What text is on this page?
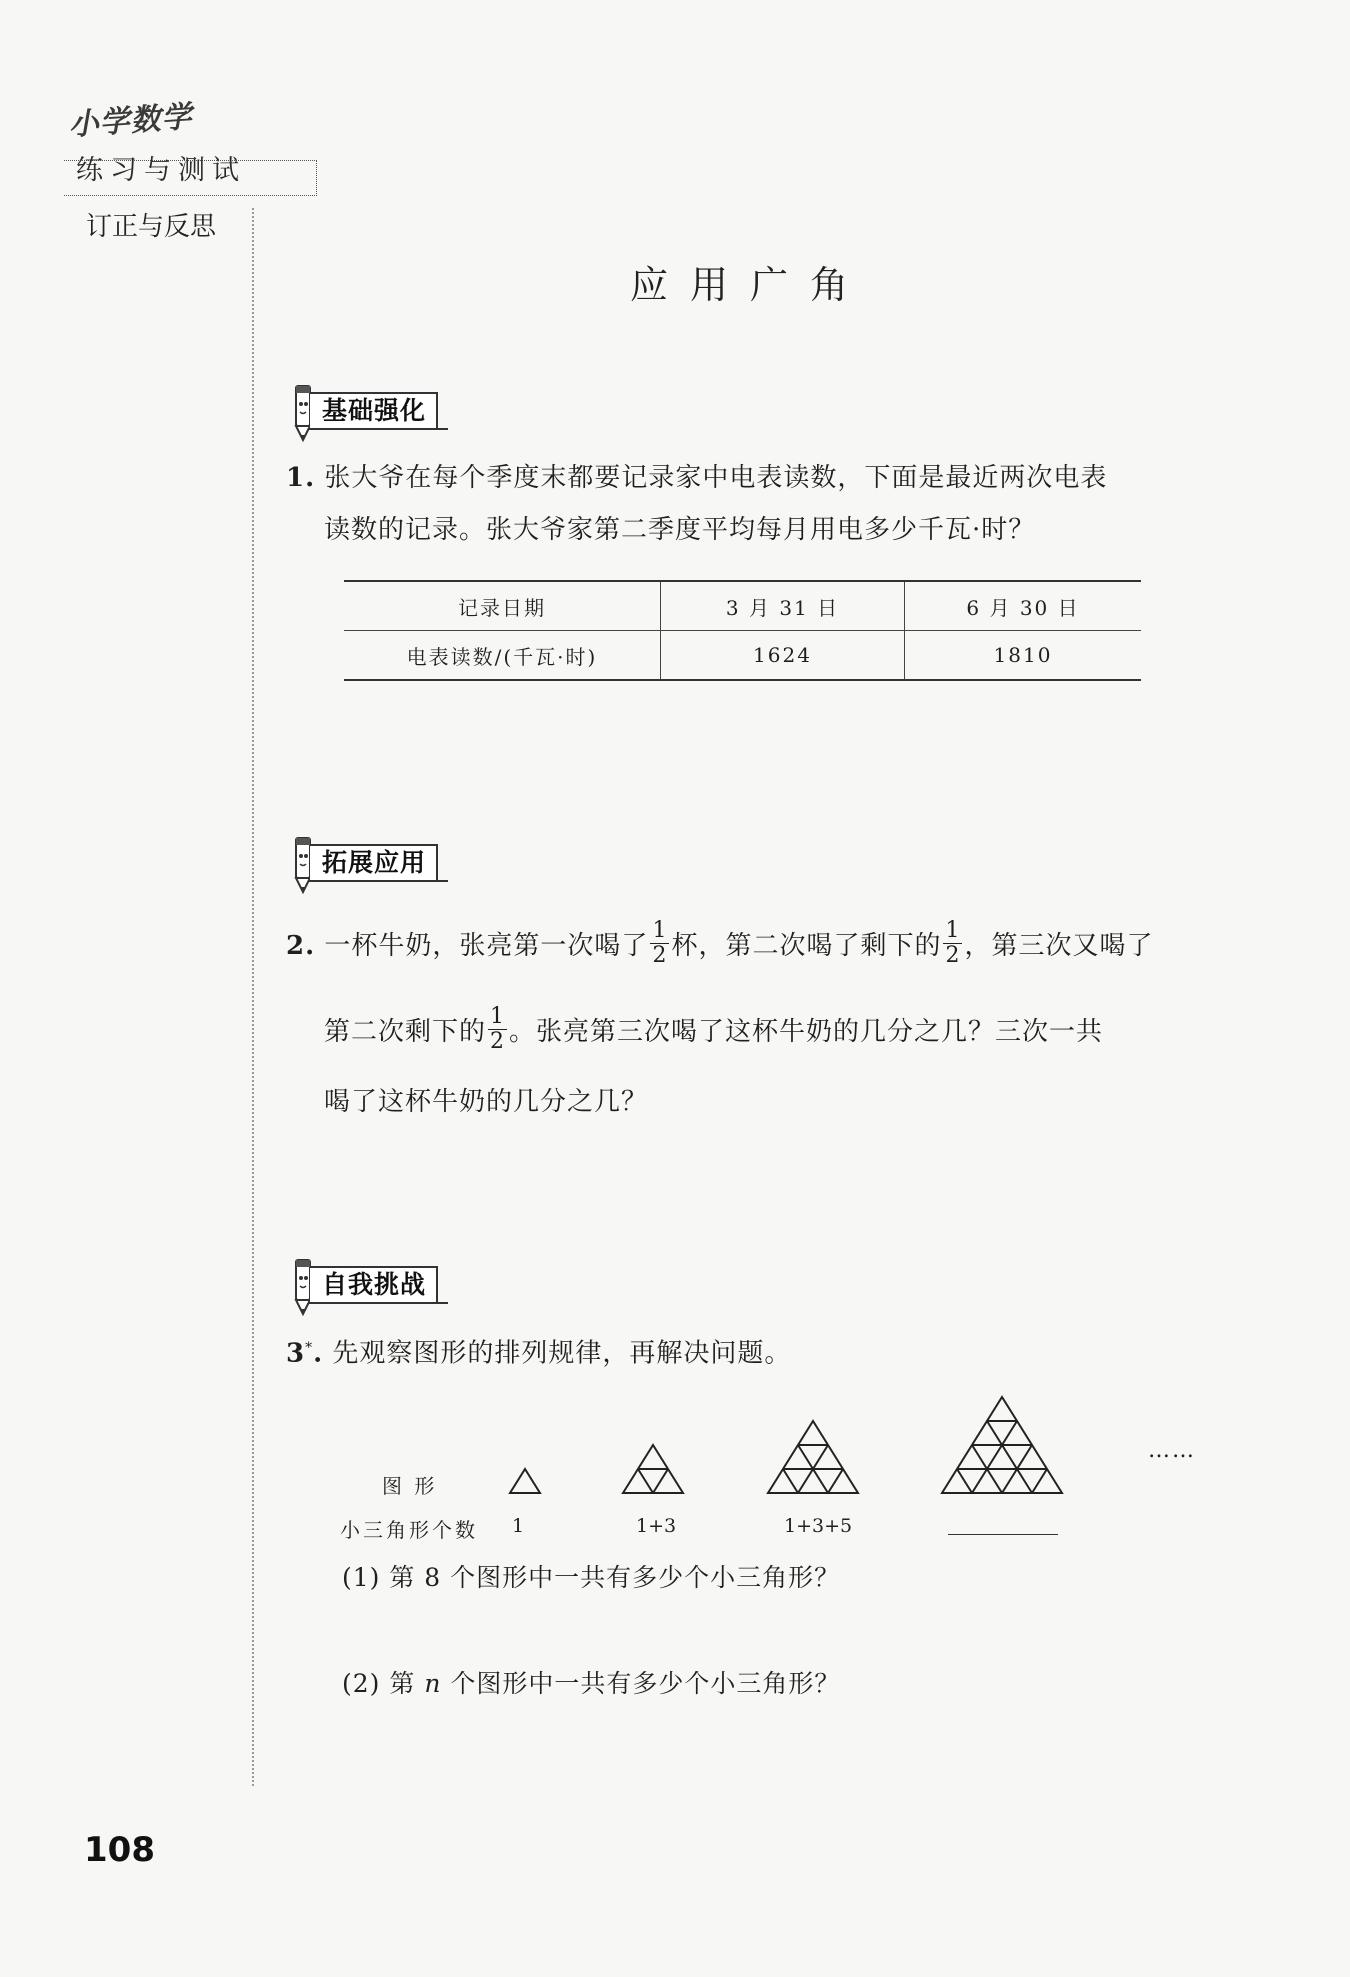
小学数学
练习与测试
订正与反思
应用广角
基础强化
1. 张大爷在每个季度末都要记录家中电表读数，下面是最近两次电表
读数的记录。张大爷家第二季度平均每月用电多少千瓦·时？
记录日期	3 月 31 日	6 月 30 日
电表读数/(千瓦·时)	1624	1810
拓展应用
2. 一杯牛奶，张亮第一次喝了 $\frac{1}{2}$ 杯，第二次喝了剩下的 $\frac{1}{2}$ ，第三次又喝了
第二次剩下的 $\frac{1}{2}$ 。张亮第三次喝了这杯牛奶的几分之几？三次一共
喝了这杯牛奶的几分之几？
自我挑战
3*. 先观察图形的排列规律，再解决问题。
……
图 形
小三角形个数 1	1+3	1+3+5
(1) 第 8 个图形中一共有多少个小三角形？
(2) 第 n 个图形中一共有多少个小三角形？
108
